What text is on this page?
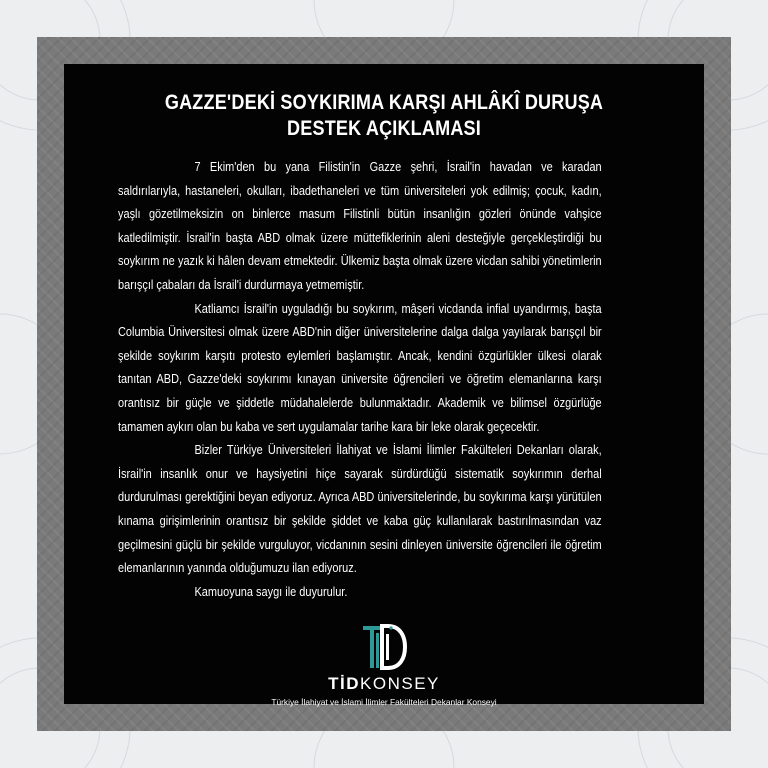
GAZZE'DEKİ SOYKIRIMA KARŞI AHLÂKÎ DURUŞA
DESTEK AÇIKLAMASI

7 Ekim'den bu yana Filistin'in Gazze şehri, İsrail'in havadan ve karadan saldırılarıyla, hastaneleri, okulları, ibadethaneleri ve tüm üniversiteleri yok edilmiş; çocuk, kadın, yaşlı gözetilmeksizin on binlerce masum Filistinli bütün insanlığın gözleri önünde vahşice katledilmiştir. İsrail'in başta ABD olmak üzere müttefiklerinin aleni desteğiyle gerçekleştirdiği bu soykırım ne yazık ki hâlen devam etmektedir. Ülkemiz başta olmak üzere vicdan sahibi yönetimlerin barışçıl çabaları da İsrail'i durdurmaya yetmemiştir.

Katliamcı İsrail'in uyguladığı bu soykırım, mâşeri vicdanda infial uyandırmış, başta Columbia Üniversitesi olmak üzere ABD'nin diğer üniversitelerine dalga dalga yayılarak barışçıl bir şekilde soykırım karşıtı protesto eylemleri başlamıştır. Ancak, kendini özgürlükler ülkesi olarak tanıtan ABD, Gazze'deki soykırımı kınayan üniversite öğrencileri ve öğretim elemanlarına karşı orantısız bir güçle ve şiddetle müdahalelerde bulunmaktadır. Akademik ve bilimsel özgürlüğe tamamen aykırı olan bu kaba ve sert uygulamalar tarihe kara bir leke olarak geçecektir.

Bizler Türkiye Üniversiteleri İlahiyat ve İslami İlimler Fakülteleri Dekanları olarak, İsrail'in insanlık onur ve haysiyetini hiçe sayarak sürdürdüğü sistematik soykırımın derhal durdurulması gerektiğini beyan ediyoruz. Ayrıca ABD üniversitelerinde, bu soykırıma karşı yürütülen kınama girişimlerinin orantısız bir şekilde şiddet ve kaba güç kullanılarak bastırılmasından vaz geçilmesini güçlü bir şekilde vurguluyor, vicdanının sesini dinleyen üniversite öğrencileri ile öğretim elemanlarının yanında olduğumuzu ilan ediyoruz.

Kamuoyuna saygı ile duyurulur.

TİDKONSEY
Türkiye İlahiyat ve İslami İlimler Fakülteleri Dekanlar Konseyi
